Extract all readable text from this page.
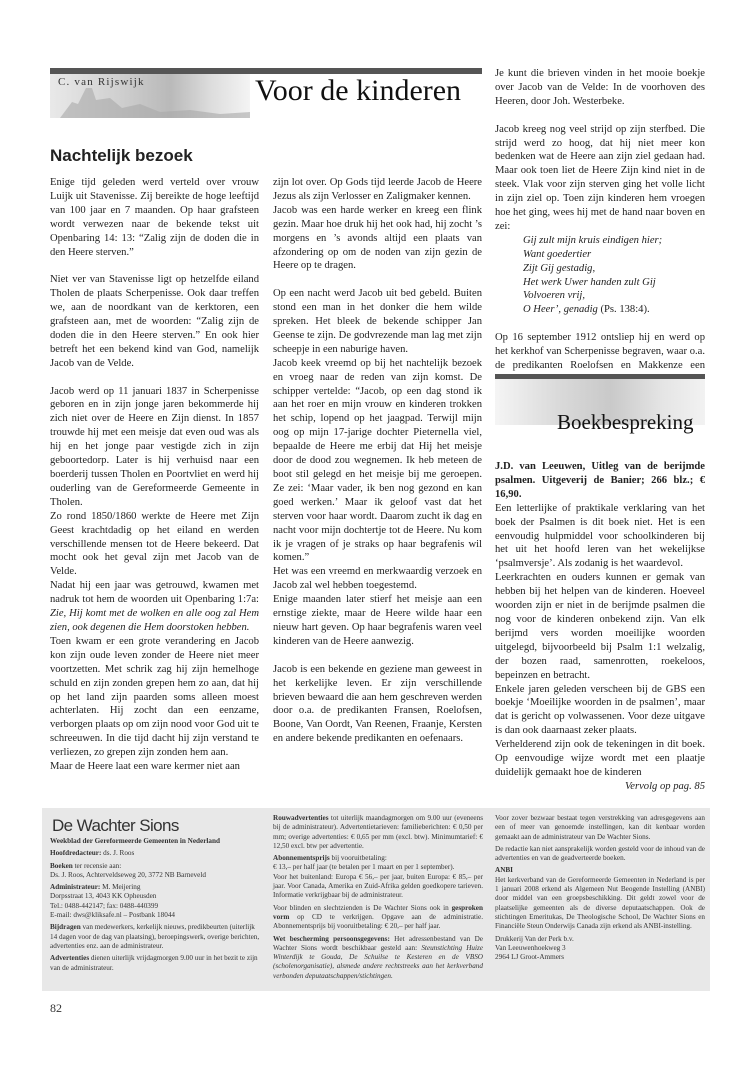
C. van Rijswijk	Voor de kinderen
Nachtelijk bezoek

Enige tijd geleden werd verteld over vrouw Luijk uit Stavenisse. Zij bereikte de hoge leeftijd van 100 jaar en 7 maanden. Op haar grafsteen wordt verwezen naar de bekende tekst uit Openbaring 14: 13: “Zalig zijn de doden die in den Heere sterven.”

Niet ver van Stavenisse ligt op hetzelfde eiland Tholen de plaats Scherpenisse. Ook daar treffen we, aan de noordkant van de kerktoren, een grafsteen aan, met de woorden: “Zalig zijn de doden die in den Heere sterven.” En ook hier betreft het een bekend kind van God, namelijk Jacob van de Velde.

Jacob werd op 11 januari 1837 in Scherpenisse geboren en in zijn jonge jaren bekommerde hij zich niet over de Heere en Zijn dienst. In 1857 trouwde hij met een meisje dat even oud was als hij en het jonge paar vestigde zich in zijn geboortedorp. Later is hij verhuisd naar een boerderij tussen Tholen en Poortvliet en werd hij ouderling van de Gereformeerde Gemeente in Tholen.

Zo rond 1850/1860 werkte de Heere met Zijn Geest krachtdadig op het eiland en werden verschillende mensen tot de Heere bekeerd. Dat mocht ook het geval zijn met Jacob van de Velde.

Nadat hij een jaar was getrouwd, kwamen met nadruk tot hem de woorden uit Openbaring 1:7a: Zie, Hij komt met de wolken en alle oog zal Hem zien, ook degenen die Hem doorstoken hebben.

Toen kwam er een grote verandering en Jacob kon zijn oude leven zonder de Heere niet meer voortzetten. Met schrik zag hij zijn hemelhoge schuld en zijn zonden grepen hem zo aan, dat hij op het land zijn paarden soms alleen moest achterlaten. Hij zocht dan een eenzame, verborgen plaats op om zijn nood voor God uit te schreeuwen. In die tijd dacht hij zijn verstand te verliezen, zo grepen zijn zonden hem aan.

Maar de Heere laat een ware kermer niet aan

zijn lot over. Op Gods tijd leerde Jacob de Heere Jezus als zijn Verlosser en Zaligmaker kennen.

Jacob was een harde werker en kreeg een flink gezin. Maar hoe druk hij het ook had, hij zocht ’s morgens en ’s avonds altijd een plaats van afzondering op om de noden van zijn gezin de Heere op te dragen.

Op een nacht werd Jacob uit bed gebeld. Buiten stond een man in het donker die hem wilde spreken. Het bleek de bekende schipper Jan Geense te zijn. De godvrezende man lag met zijn scheepje in een naburige haven.

Jacob keek vreemd op bij het nachtelijk bezoek en vroeg naar de reden van zijn komst. De schipper vertelde: “Jacob, op een dag stond ik aan het roer en mijn vrouw en kinderen trokken het schip, lopend op het jaagpad. Terwijl mijn oog op mijn 17-jarige dochter Pieternella viel, bepaalde de Heere me erbij dat Hij het meisje door de dood zou wegnemen. Ik heb meteen de boot stil gelegd en het meisje bij me geroepen. Ze zei: ‘Maar vader, ik ben nog gezond en kan goed werken.’ Maar ik geloof vast dat het sterven voor haar wordt. Daarom zucht ik dag en nacht voor mijn dochtertje tot de Heere. Nu kom ik je vragen of je straks op haar begrafenis wil komen.”

Het was een vreemd en merkwaardig verzoek en Jacob zal wel hebben toegestemd.

Enige maanden later stierf het meisje aan een ernstige ziekte, maar de Heere wilde haar een nieuw hart geven. Op haar begrafenis waren veel kinderen van de Heere aanwezig.

Jacob is een bekende en geziene man geweest in het kerkelijke leven. Er zijn verschillende brieven bewaard die aan hem geschreven werden door o.a. de predikanten Fransen, Roelofsen, Boone, Van Oordt, Van Reenen, Fraanje, Kersten en andere bekende predikanten en oefenaars.

Je kunt die brieven vinden in het mooie boekje over Jacob van de Velde: In de voorhoven des Heeren, door Joh. Westerbeke.

Jacob kreeg nog veel strijd op zijn sterfbed. Die strijd werd zo hoog, dat hij niet meer kon bedenken wat de Heere aan zijn ziel gedaan had. Maar ook toen liet de Heere Zijn kind niet in de steek. Vlak voor zijn sterven ging het volle licht in zijn ziel op. Toen zijn kinderen hem vroegen hoe het ging, wees hij met de hand naar boven en zei:

Gij zult mijn kruis eindigen hier;
Want goedertier
Zijt Gij gestadig,
Het werk Uwer handen zult Gij
Volvoeren vrij,
O Heer’, genadig (Ps. 138:4).

Op 16 september 1912 ontsliep hij en werd op het kerkhof van Scherpenisse begraven, waar o.a. de predikanten Roelofsen en Makkenze een

Boekbespreking

J.D. van Leeuwen, Uitleg van de berijmde psalmen. Uitgeverij de Banier; 266 blz.; € 16,90.

Een letterlijke of praktikale verklaring van het boek der Psalmen is dit boek niet. Het is een eenvoudig hulpmiddel voor schoolkinderen bij het uit het hoofd leren van het wekelijkse ‘psalmversje’. Als zodanig is het waardevol.

Leerkrachten en ouders kunnen er gemak van hebben bij het helpen van de kinderen. Hoeveel woorden zijn er niet in de berijmde psalmen die nog voor de kinderen onbekend zijn. Van elk berijmd vers worden moeilijke woorden uitgelegd, bijvoorbeeld bij Psalm 1:1 welzalig, der bozen raad, samenrotten, roekeloos, bepeinzen en betracht.

Enkele jaren geleden verscheen bij de GBS een boekje ‘Moeilijke woorden in de psalmen’, maar dat is gericht op volwassenen. Voor deze uitgave is dan ook daarnaast zeker plaats.

Verhelderend zijn ook de tekeningen in dit boek. Op eenvoudige wijze wordt met een plaatje duidelijk gemaakt hoe de kinderen

Vervolg op pag. 85

De Wachter Sions

Weekblad der Gereformeerde Gemeenten in Nederland

Hoofdredacteur: ds. J. Roos

Boeken ter recensie aan:
Ds. J. Roos, Achterveldseweg 20, 3772 NB Barneveld

Administrateur: M. Meijering
Dorpsstraat 13, 4043 KK Opheusden
Tel.: 0488-442147; fax: 0488-440399
E-mail: dws@kliksafe.nl – Postbank 18044

Bijdragen van medewerkers, kerkelijk nieuws, predikbeurten (uiterlijk 14 dagen voor de dag van plaatsing), beroepingswerk, overige berichten, advertenties enz. aan de administrateur.

Advertenties dienen uiterlijk vrijdagmorgen 9.00 uur in het bezit te zijn van de administrateur.

Rouwadvertenties tot uiterlijk maandagmorgen om 9.00 uur (eveneens bij de administrateur). Advertentietarieven: familieberichten: € 0,50 per mm; overige advertenties: € 0,65 per mm (excl. btw). Minimumtarief: € 12,50 excl. btw per advertentie.

Abonnementsprijs bij vooruitbetaling:
€ 13,– per half jaar (te betalen per 1 maart en per 1 september).
Voor het buitenland: Europa € 56,– per jaar, buiten Europa: € 85,– per jaar. Voor Canada, Amerika en Zuid-Afrika gelden goedkopere tarieven. Informatie verkrijgbaar bij de administrateur.

Voor blinden en slechtzienden is De Wachter Sions ook in gesproken vorm op CD te verkrijgen. Opgave aan de administratie. Abonnementsprijs bij vooruitbetaling: € 20,– per half jaar.

Wet bescherming persoonsgegevens: Het adressenbestand van De Wachter Sions wordt beschikbaar gesteld aan: Steunstichting Huize Winterdijk te Gouda, De Schuilse te Kesteren en de VBSO (scholenorganisatie), alsmede andere rechtstreeks aan het kerkverband verbonden deputaatschappen/stichtingen.

Voor zover bezwaar bestaat tegen verstrekking van adresgegevens aan een of meer van genoemde instellingen, kan dit kenbaar worden gemaakt aan de administrateur van De Wachter Sions.

De redactie kan niet aansprakelijk worden gesteld voor de inhoud van de advertenties en van de geadverteerde boeken.

ANBI
Het kerkverband van de Gereformeerde Gemeenten in Nederland is per 1 januari 2008 erkend als Algemeen Nut Beogende Instelling (ANBI) door middel van een groepsbeschikking. Dit geldt zowel voor de plaatselijke gemeenten als de diverse deputaatschappen. Ook de stichtingen Emeritukas, De Theologische School, De Wachter Sions en Financiële Steun Onderwijs Canada zijn erkend als ANBI-instelling.

Drukkerij Van der Perk b.v.
Van Leeuwenhoekweg 3
2964 LJ Groot-Ammers

82
